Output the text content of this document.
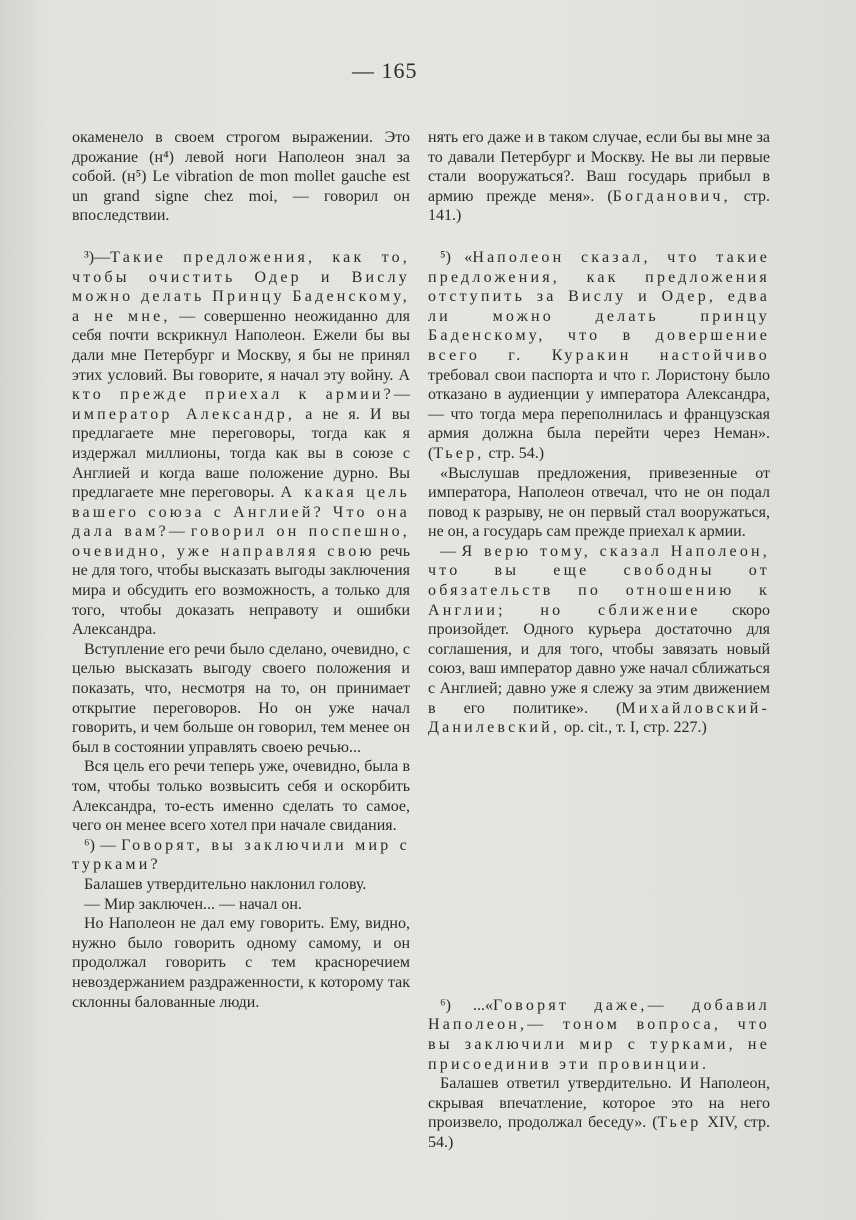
— 165

окаменело в своем строгом выражении. Это дрожание (н⁴) левой ноги Наполеон знал за собой. (н⁵) Le vibration de mon mollet gauche est un grand signe chez moi, — говорил он впоследствии.

³)—Такие предложения, как то, чтобы очистить Одер и Вислу можно делать Принцу Баденскому, а не мне, — совершенно неожиданно для себя почти вскрикнул Наполеон. Ежели бы вы дали мне Петербург и Москву, я бы не принял этих условий. Вы говорите, я начал эту войну. А кто прежде приехал к армии?— император Александр, а не я. И вы предлагаете мне переговоры, тогда как я издержал миллионы, тогда как вы в союзе с Англией и когда ваше положение дурно. Вы предлагаете мне переговоры. А какая цель вашего союза с Англией? Что она дала вам?— говорил он поспешно, очевидно, уже направляя свою речь не для того, чтобы высказать выгоды заключения мира и обсудить его возможность, а только для того, чтобы доказать неправоту и ошибки Александра.

Вступление его речи было сделано, очевидно, с целью высказать выгоду своего положения и показать, что, несмотря на то, он принимает открытие переговоров. Но он уже начал говорить, и чем больше он говорил, тем менее он был в состоянии управлять своею речью...

Вся цель его речи теперь уже, очевидно, была в том, чтобы только возвысить себя и оскорбить Александра, то-есть именно сделать то самое, чего он менее всего хотел при начале свидания.

⁶) — Говорят, вы заключили мир с турками?

Балашев утвердительно наклонил голову.

— Мир заключен... — начал он.

Но Наполеон не дал ему говорить. Ему, видно, нужно было говорить одному самому, и он продолжал говорить с тем красноречием невоздержанием раздраженности, к которому так склонны балованные люди.

нять его даже и в таком случае, если бы вы мне за то давали Петербург и Москву. Не вы ли первые стали вооружаться?. Ваш государь прибыл в армию прежде меня». (Богданович, стр. 141.)

⁵) «Наполеон сказал, что такие предложения, как предложения отступить за Вислу и Одер, едва ли можно делать принцу Баденскому, что в довершение всего г. Куракин настойчиво требовал свои паспорта и что г. Лористону было отказано в аудиенции у императора Александра,— что тогда мера переполнилась и французская армия должна была перейти через Неман». (Тьер, стр. 54.)

«Выслушав предложения, привезенные от императора, Наполеон отвечал, что не он подал повод к разрыву, не он первый стал вооружаться, не он, а государь сам прежде приехал к армии.

— Я верю тому, сказал Наполеон, что вы еще свободны от обязательств по отношению к Англии; но сближение скоро произойдет. Одного курьера достаточно для соглашения, и для того, чтобы завязать новый союз, ваш император давно уже начал сближаться с Англией; давно уже я слежу за этим движением в его политике». (Михайловский-Данилевский, op. cit., т. I, стр. 227.)

⁶) ...«Говорят даже,— добавил Наполеон,— тоном вопроса, что вы заключили мир с турками, не присоединив эти провинции.

Балашев ответил утвердительно. И Наполеон, скрывая впечатление, которое это на него произвело, продолжал беседу». (Тьер XIV, стр. 54.)
